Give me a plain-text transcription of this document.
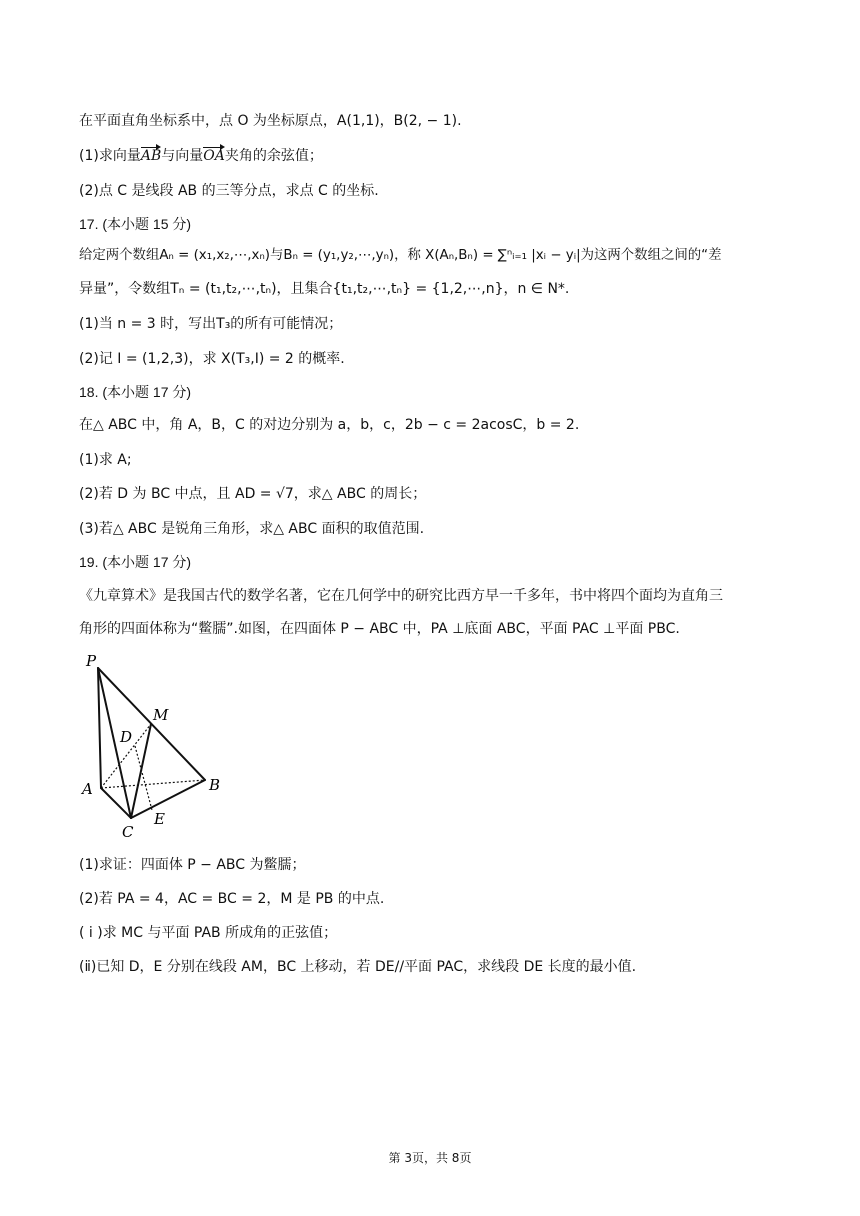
在平面直角坐标系中，点 O 为坐标原点，A(1,1)，B(2, − 1).
(1)求向量AB与向量OA夹角的余弦值；
(2)点 C 是线段 AB 的三等分点，求点 C 的坐标.
17. (本小题 15 分)
给定两个数组Aₙ = (x₁,x₂,⋯,xₙ)与Bₙ = (y₁,y₂,⋯,yₙ)，称 X(Aₙ,Bₙ) = ∑ⁿᵢ₌₁ |xᵢ − yᵢ|为这两个数组之间的“差
异量”，令数组Tₙ = (t₁,t₂,⋯,tₙ)，且集合{t₁,t₂,⋯,tₙ} = {1,2,⋯,n}，n ∈ N*.
(1)当 n = 3 时，写出T₃的所有可能情况；
(2)记 I = (1,2,3)，求 X(T₃,I) = 2 的概率.
18. (本小题 17 分)
在△ ABC 中，角 A，B，C 的对边分别为 a，b，c，2b − c = 2acosC，b = 2.
(1)求 A;
(2)若 D 为 BC 中点，且 AD = √7，求△ ABC 的周长；
(3)若△ ABC 是锐角三角形，求△ ABC 面积的取值范围.
19. (本小题 17 分)
《九章算术》是我国古代的数学名著，它在几何学中的研究比西方早一千多年，书中将四个面均为直角三
角形的四面体称为“鳖臑”.如图，在四面体 P − ABC 中，PA ⊥底面 ABC，平面 PAC ⊥平面 PBC.
P
M
D
A	B
C
E
(1)求证：四面体 P − ABC 为鳖臑；
(2)若 PA = 4，AC = BC = 2，M 是 PB 的中点.
( ⅰ )求 MC 与平面 PAB 所成角的正弦值；
(ⅱ)已知 D，E 分别在线段 AM，BC 上移动，若 DE//平面 PAC，求线段 DE 长度的最小值.
第 3页，共 8页
